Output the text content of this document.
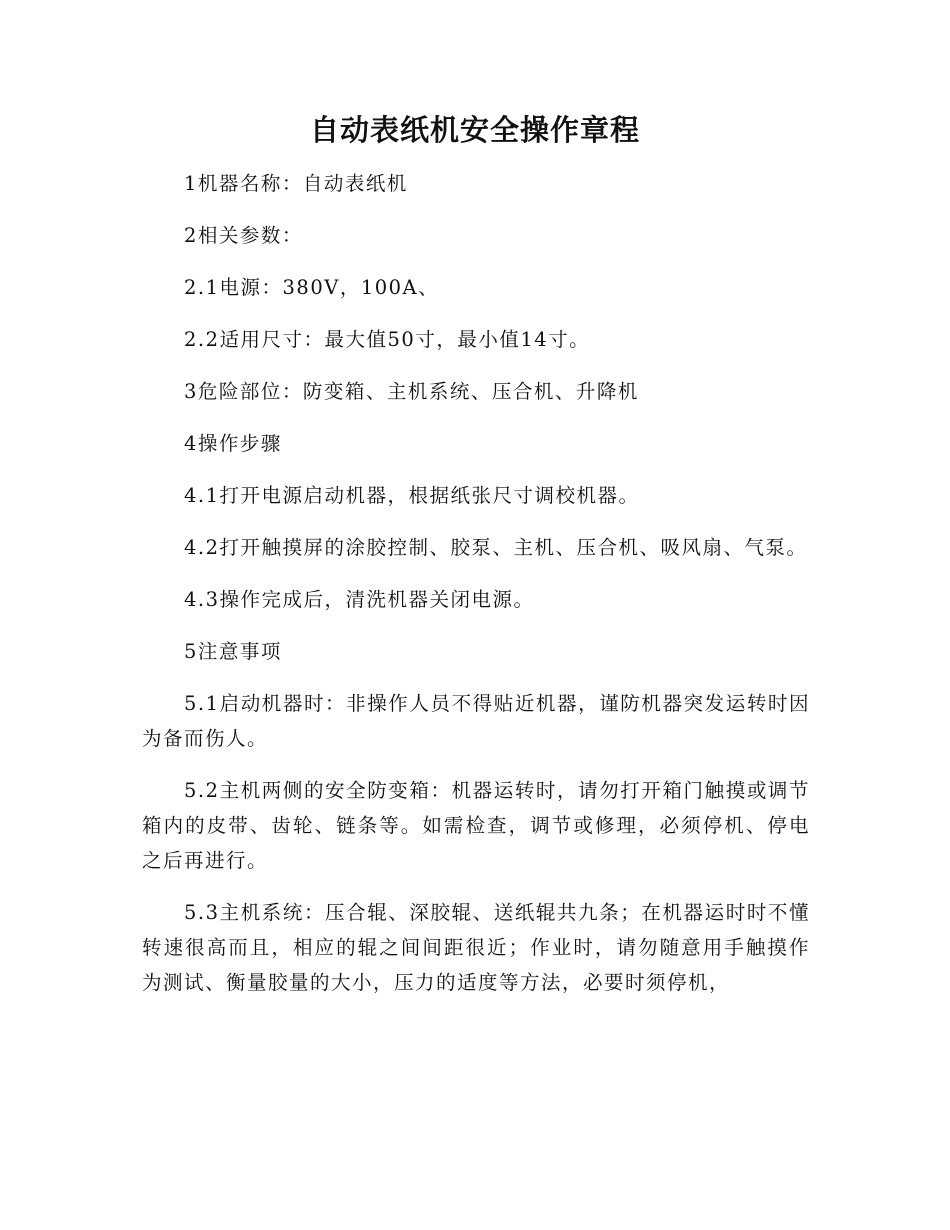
自动表纸机安全操作章程

1机器名称：自动表纸机

2相关参数：

2.1电源：380V，100A、

2.2适用尺寸：最大值50寸，最小值14寸。

3危险部位：防变箱、主机系统、压合机、升降机

4操作步骤

4.1打开电源启动机器，根据纸张尺寸调校机器。

4.2打开触摸屏的涂胶控制、胶泵、主机、压合机、吸风扇、气泵。

4.3操作完成后，清洗机器关闭电源。

5注意事项

5.1启动机器时：非操作人员不得贴近机器，谨防机器突发运转时因为备而伤人。

5.2主机两侧的安全防变箱：机器运转时，请勿打开箱门触摸或调节箱内的皮带、齿轮、链条等。如需检查，调节或修理，必须停机、停电之后再进行。

5.3主机系统：压合辊、深胶辊、送纸辊共九条；在机器运时时不懂转速很高而且，相应的辊之间间距很近；作业时，请勿随意用手触摸作为测试、衡量胶量的大小，压力的适度等方法，必要时须停机，
